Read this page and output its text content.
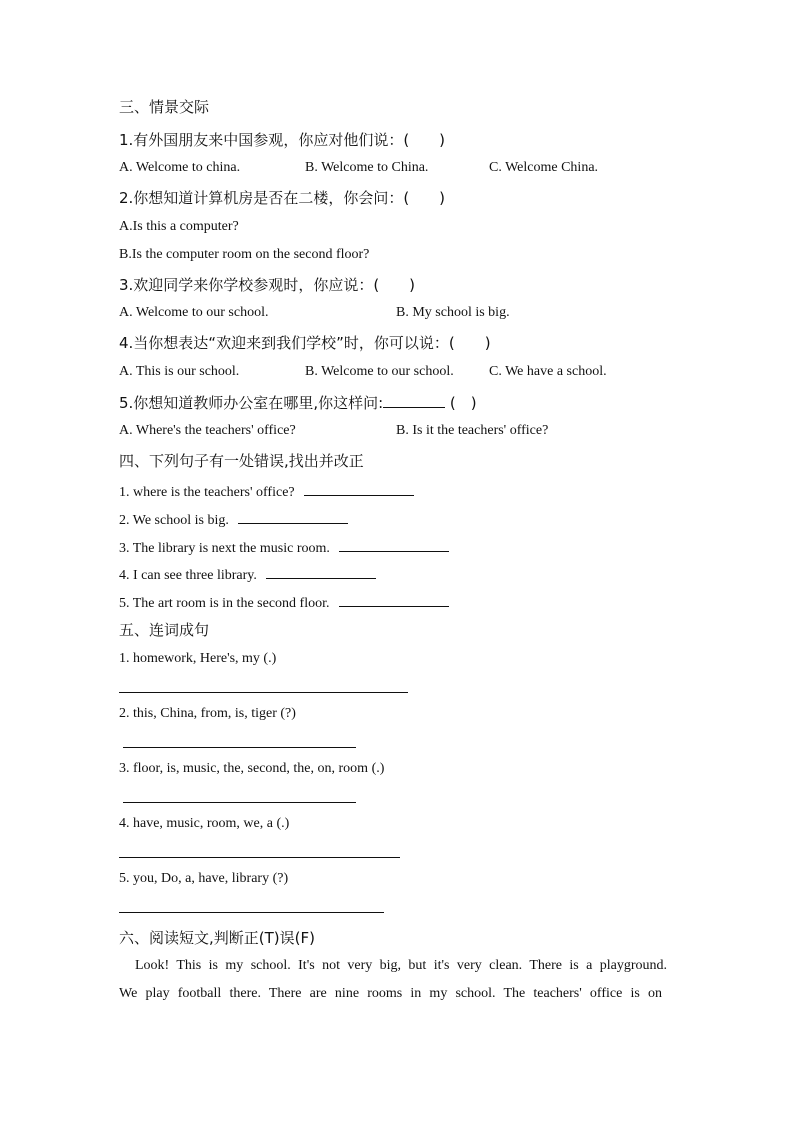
三、情景交际
1.有外国朋友来中国参观，你应对他们说：(　　)
A. Welcome to china.	B. Welcome to China.	C. Welcome China.
2.你想知道计算机房是否在二楼，你会问：(　　)
A.Is this a computer?
B.Is the computer room on the second floor?
3.欢迎同学来你学校参观时，你应说：(　　)
A. Welcome to our school.	B. My school is big.
4.当你想表达“欢迎来到我们学校”时，你可以说：(　　)
A. This is our school.	B. Welcome to our school.	C. We have a school.
5.你想知道教师办公室在哪里,你这样问:	(　)
A. Where's the teachers' office?	B. Is it the teachers' office?
四、下列句子有一处错误,找出并改正
1. where is the teachers' office?
2. We school is big.
3. The library is next the music room.
4. I can see three library.
5. The art room is in the second floor.
五、连词成句
1. homework, Here's, my (.)
2. this, China, from, is, tiger (?)
3. floor, is, music, the, second, the, on, room (.)
4. have, music, room, we, a (.)
5. you, Do, a, have, library (?)
六、阅读短文,判断正(T)误(F)
Look! This is my school. It's not very big, but it's very clean. There is a playground.
We play football there. There are nine rooms in my school. The teachers' office is on
